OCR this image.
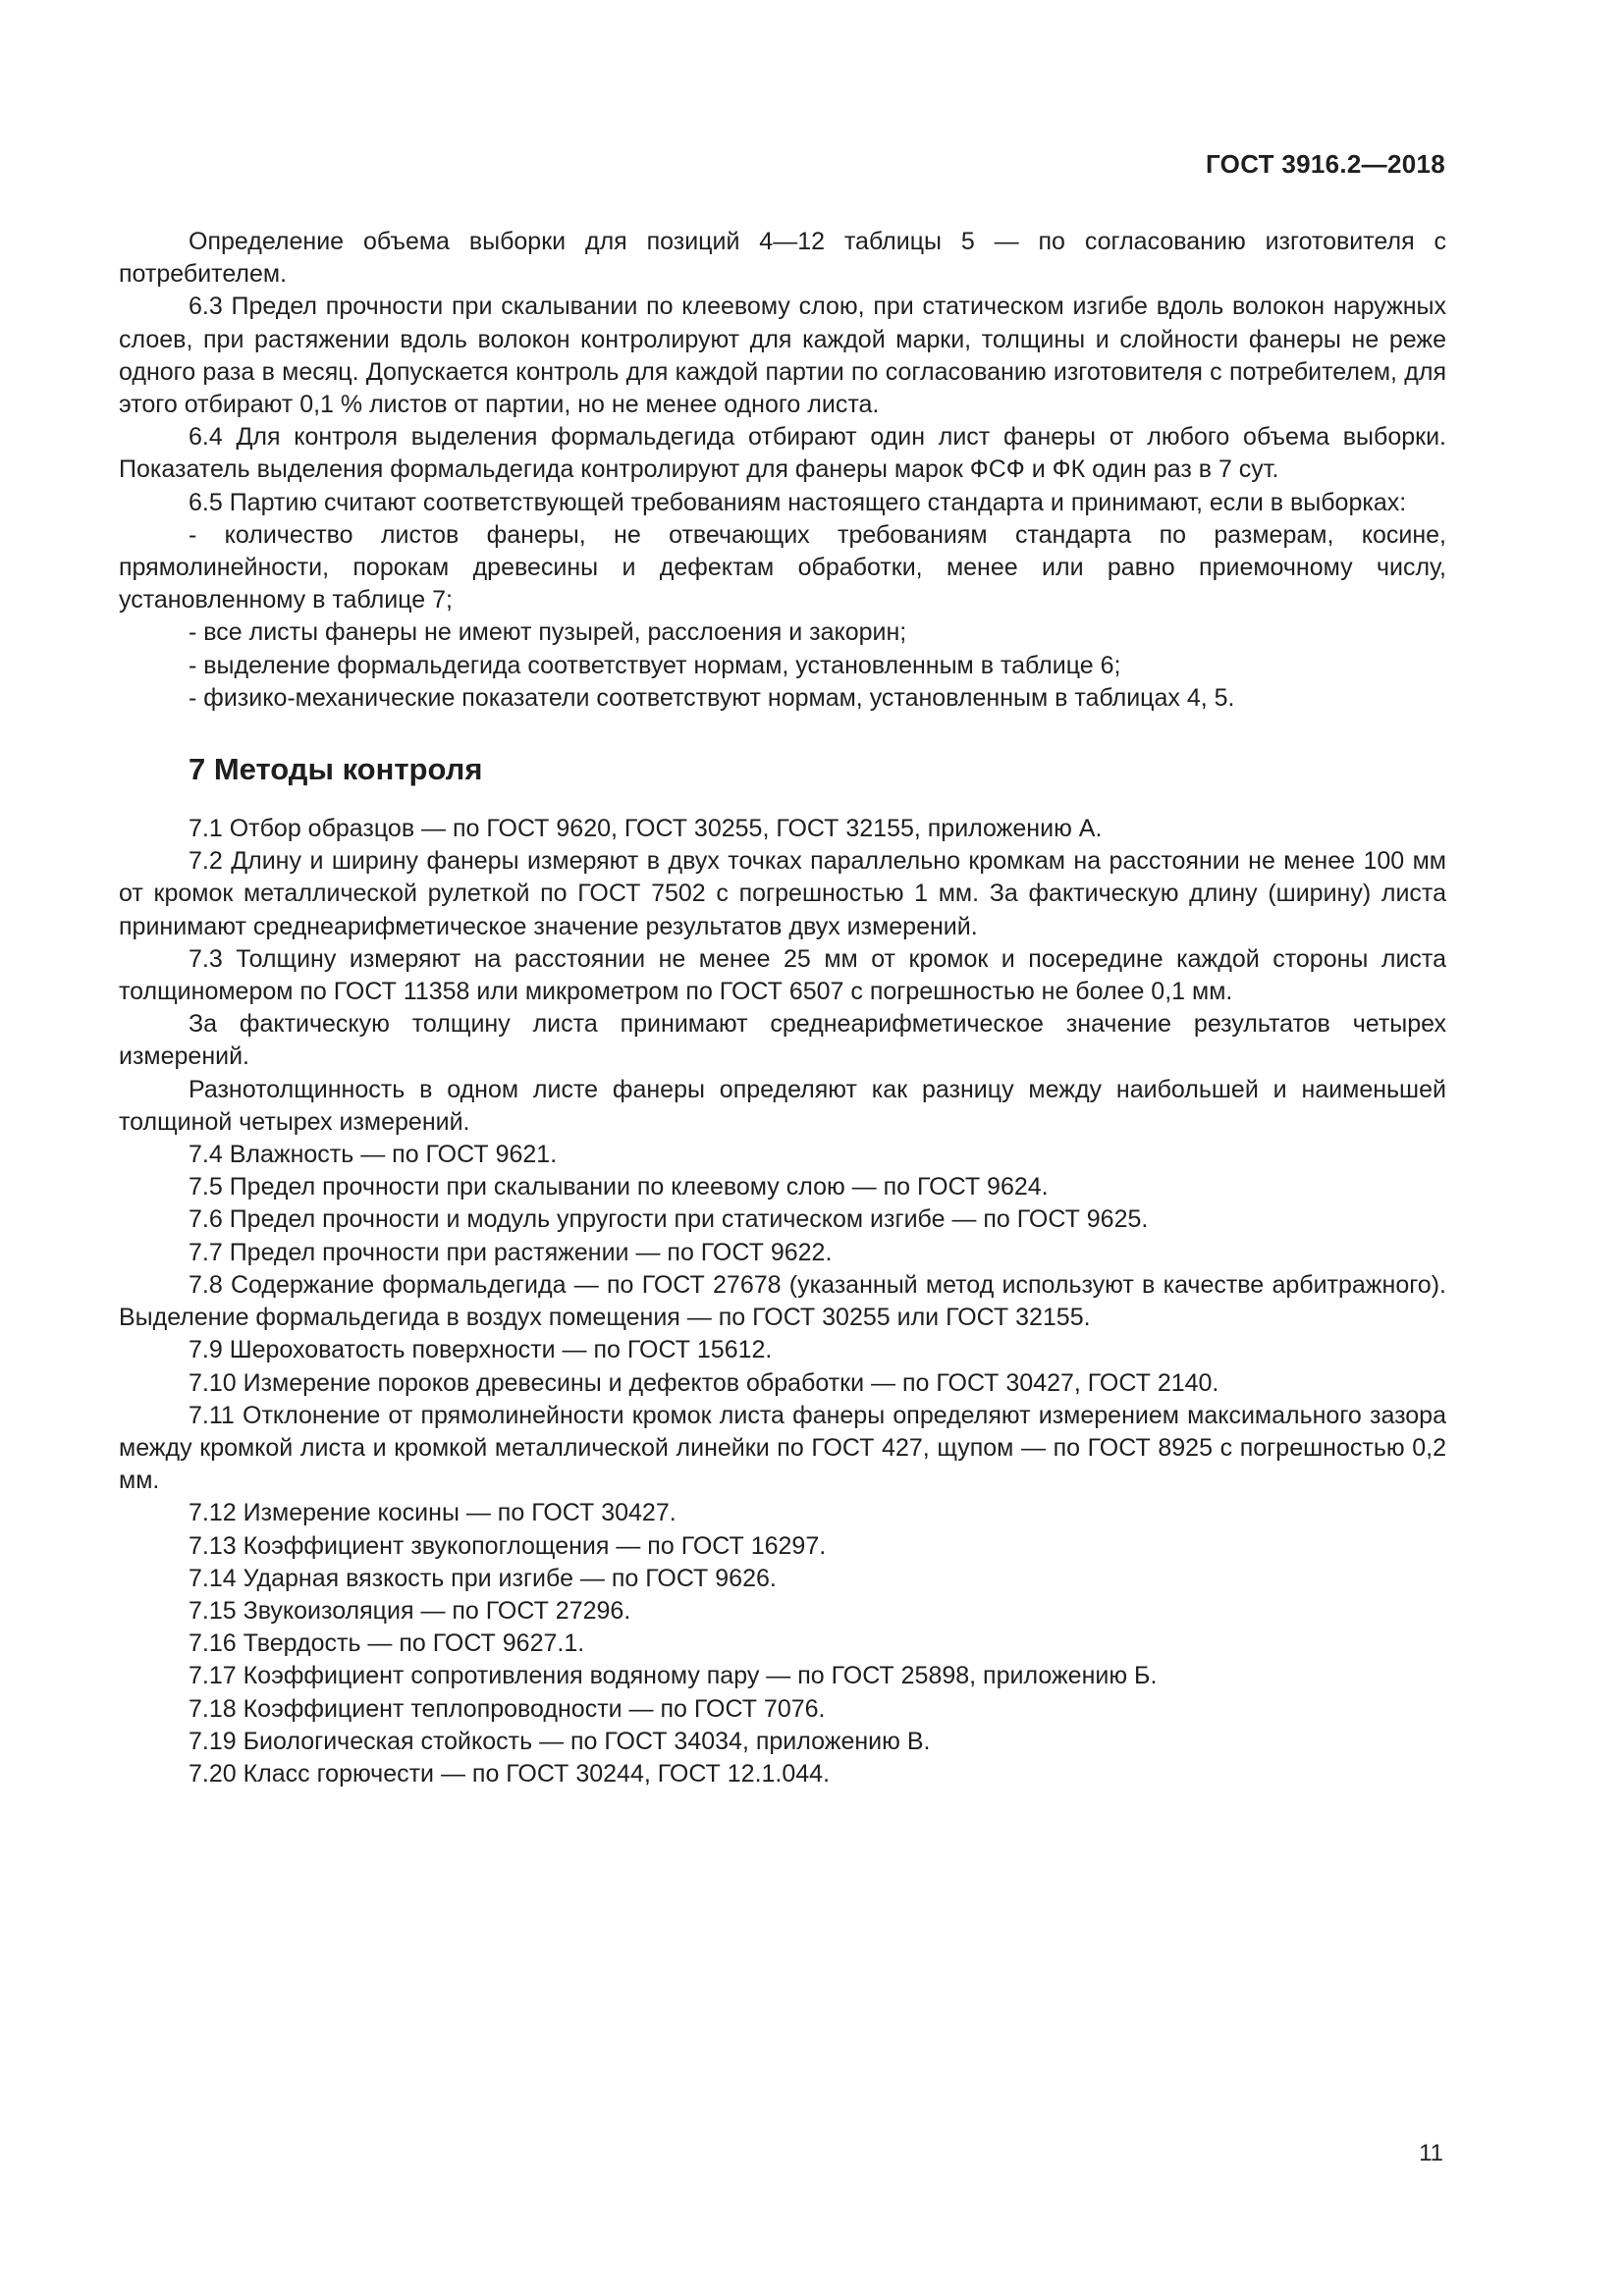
ГОСТ 3916.2—2018

Определение объема выборки для позиций 4—12 таблицы 5 — по согласованию изготовителя с потребителем.

6.3 Предел прочности при скалывании по клеевому слою, при статическом изгибе вдоль волокон наружных слоев, при растяжении вдоль волокон контролируют для каждой марки, толщины и слойности фанеры не реже одного раза в месяц. Допускается контроль для каждой партии по согласованию изготовителя с потребителем, для этого отбирают 0,1 % листов от партии, но не менее одного листа.

6.4 Для контроля выделения формальдегида отбирают один лист фанеры от любого объема выборки. Показатель выделения формальдегида контролируют для фанеры марок ФСФ и ФК один раз в 7 сут.

6.5 Партию считают соответствующей требованиям настоящего стандарта и принимают, если в выборках:

- количество листов фанеры, не отвечающих требованиям стандарта по размерам, косине, прямолинейности, порокам древесины и дефектам обработки, менее или равно приемочному числу, установленному в таблице 7;

- все листы фанеры не имеют пузырей, расслоения и закорин;

- выделение формальдегида соответствует нормам, установленным в таблице 6;

- физико-механические показатели соответствуют нормам, установленным в таблицах 4, 5.

7 Методы контроля

7.1 Отбор образцов — по ГОСТ 9620, ГОСТ 30255, ГОСТ 32155, приложению А.

7.2 Длину и ширину фанеры измеряют в двух точках параллельно кромкам на расстоянии не менее 100 мм от кромок металлической рулеткой по ГОСТ 7502 с погрешностью 1 мм. За фактическую длину (ширину) листа принимают среднеарифметическое значение результатов двух измерений.

7.3 Толщину измеряют на расстоянии не менее 25 мм от кромок и посередине каждой стороны листа толщиномером по ГОСТ 11358 или микрометром по ГОСТ 6507 с погрешностью не более 0,1 мм.

За фактическую толщину листа принимают среднеарифметическое значение результатов четырех измерений.

Разнотолщинность в одном листе фанеры определяют как разницу между наибольшей и наименьшей толщиной четырех измерений.

7.4 Влажность — по ГОСТ 9621.

7.5 Предел прочности при скалывании по клеевому слою — по ГОСТ 9624.

7.6 Предел прочности и модуль упругости при статическом изгибе — по ГОСТ 9625.

7.7 Предел прочности при растяжении — по ГОСТ 9622.

7.8 Содержание формальдегида — по ГОСТ 27678 (указанный метод используют в качестве арбитражного). Выделение формальдегида в воздух помещения — по ГОСТ 30255 или ГОСТ 32155.

7.9 Шероховатость поверхности — по ГОСТ 15612.

7.10 Измерение пороков древесины и дефектов обработки — по ГОСТ 30427, ГОСТ 2140.

7.11 Отклонение от прямолинейности кромок листа фанеры определяют измерением максимального зазора между кромкой листа и кромкой металлической линейки по ГОСТ 427, щупом — по ГОСТ 8925 с погрешностью 0,2 мм.

7.12 Измерение косины — по ГОСТ 30427.

7.13 Коэффициент звукопоглощения — по ГОСТ 16297.

7.14 Ударная вязкость при изгибе — по ГОСТ 9626.

7.15 Звукоизоляция — по ГОСТ 27296.

7.16 Твердость — по ГОСТ 9627.1.

7.17 Коэффициент сопротивления водяному пару — по ГОСТ 25898, приложению Б.

7.18 Коэффициент теплопроводности — по ГОСТ 7076.

7.19 Биологическая стойкость — по ГОСТ 34034, приложению В.

7.20 Класс горючести — по ГОСТ 30244, ГОСТ 12.1.044.

11
